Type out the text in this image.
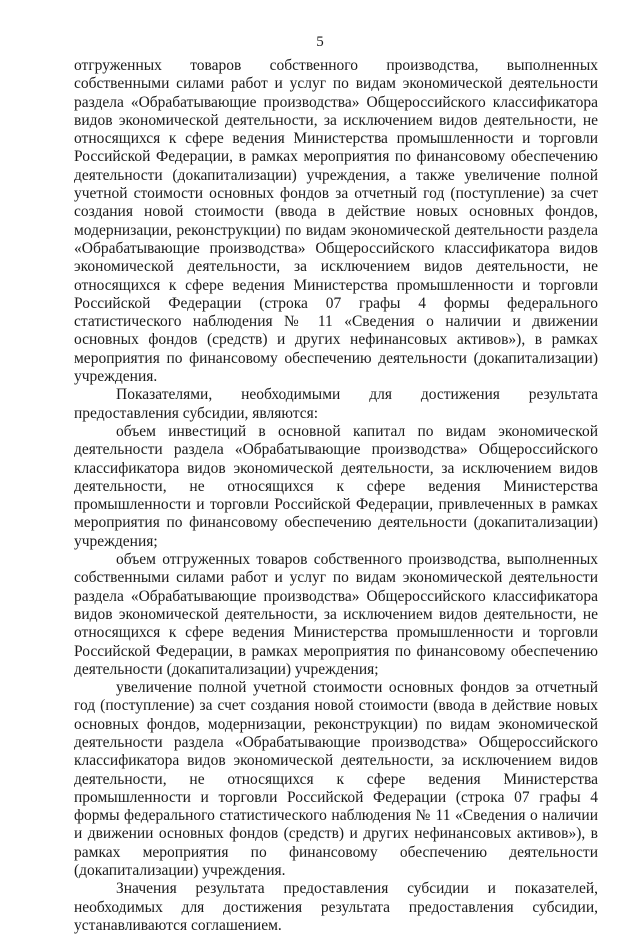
5

отгруженных товаров собственного производства, выполненных собственными силами работ и услуг по видам экономической деятельности раздела «Обрабатывающие производства» Общероссийского классификатора видов экономической деятельности, за исключением видов деятельности, не относящихся к сфере ведения Министерства промышленности и торговли Российской Федерации, в рамках мероприятия по финансовому обеспечению деятельности (докапитализации) учреждения, а также увеличение полной учетной стоимости основных фондов за отчетный год (поступление) за счет создания новой стоимости (ввода в действие новых основных фондов, модернизации, реконструкции) по видам экономической деятельности раздела «Обрабатывающие производства» Общероссийского классификатора видов экономической деятельности, за исключением видов деятельности, не относящихся к сфере ведения Министерства промышленности и торговли Российской Федерации (строка 07 графы 4 формы федерального статистического наблюдения № 11 «Сведения о наличии и движении основных фондов (средств) и других нефинансовых активов»), в рамках мероприятия по финансовому обеспечению деятельности (докапитализации) учреждения.

Показателями, необходимыми для достижения результата предоставления субсидии, являются:

объем инвестиций в основной капитал по видам экономической деятельности раздела «Обрабатывающие производства» Общероссийского классификатора видов экономической деятельности, за исключением видов деятельности, не относящихся к сфере ведения Министерства промышленности и торговли Российской Федерации, привлеченных в рамках мероприятия по финансовому обеспечению деятельности (докапитализации) учреждения;

объем отгруженных товаров собственного производства, выполненных собственными силами работ и услуг по видам экономической деятельности раздела «Обрабатывающие производства» Общероссийского классификатора видов экономической деятельности, за исключением видов деятельности, не относящихся к сфере ведения Министерства промышленности и торговли Российской Федерации, в рамках мероприятия по финансовому обеспечению деятельности (докапитализации) учреждения;

увеличение полной учетной стоимости основных фондов за отчетный год (поступление) за счет создания новой стоимости (ввода в действие новых основных фондов, модернизации, реконструкции) по видам экономической деятельности раздела «Обрабатывающие производства» Общероссийского классификатора видов экономической деятельности, за исключением видов деятельности, не относящихся к сфере ведения Министерства промышленности и торговли Российской Федерации (строка 07 графы 4 формы федерального статистического наблюдения № 11 «Сведения о наличии и движении основных фондов (средств) и других нефинансовых активов»), в рамках мероприятия по финансовому обеспечению деятельности (докапитализации) учреждения.

Значения результата предоставления субсидии и показателей, необходимых для достижения результата предоставления субсидии, устанавливаются соглашением.
